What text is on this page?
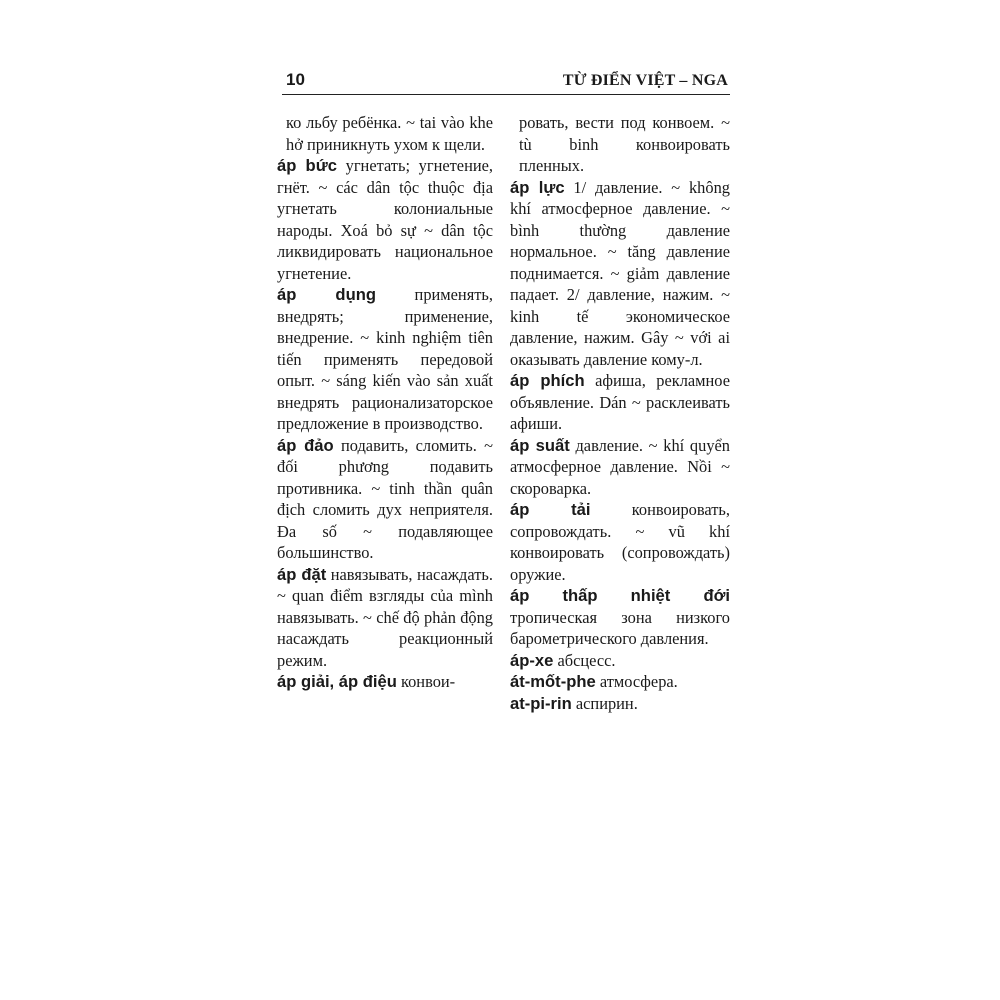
10	TỪ ĐIỂN VIỆT – NGA

ко льбу ребёнка. ~ tai vào khe hở приникнуть ухом к щели.

áp bức угнетать; угнетение, гнёт. ~ các dân tộc thuộc địa угнетать колониальные народы. Xoá bỏ sự ~ dân tộc ликвидировать национальное угнетение.

áp dụng применять, внедрять; применение, внедрение. ~ kinh nghiệm tiên tiến применять передовой опыт. ~ sáng kiến vào sản xuất внедрять рационализаторское предложение в производство.

áp đảo подавить, сломить. ~ đối phương подавить противника. ~ tinh thần quân địch сломить дух неприятеля. Đa số ~ подавляющее большинство.

áp đặt навязывать, насаждать. ~ quan điểm взгляды của mình навязывать. ~ chế độ phản động насаждать реакционный режим.

áp giải, áp điệu конвои-

ровать, вести под конвоем. ~ tù binh конвоировать пленных.

áp lực 1/ давление. ~ không khí атмосферное давление. ~ bình thường давление нормальное. ~ tăng давление поднимается. ~ giảm давление падает. 2/ давление, нажим. ~ kinh tế экономическое давление, нажим. Gây ~ với ai оказывать давление кому-л.

áp phích афиша, рекламное объявление. Dán ~ расклеивать афиши.

áp suất давление. ~ khí quyển атмосферное давление. Nồi ~ скороварка.

áp tải	конвоировать, сопровождать. ~ vũ khí конвоировать (сопровождать) оружие.

áp thấp nhiệt đới тропическая зона низкого барометрического давления.

áp-xe абсцесс.

át-mốt-phe атмосфера.

at-pi-rin аспирин.
